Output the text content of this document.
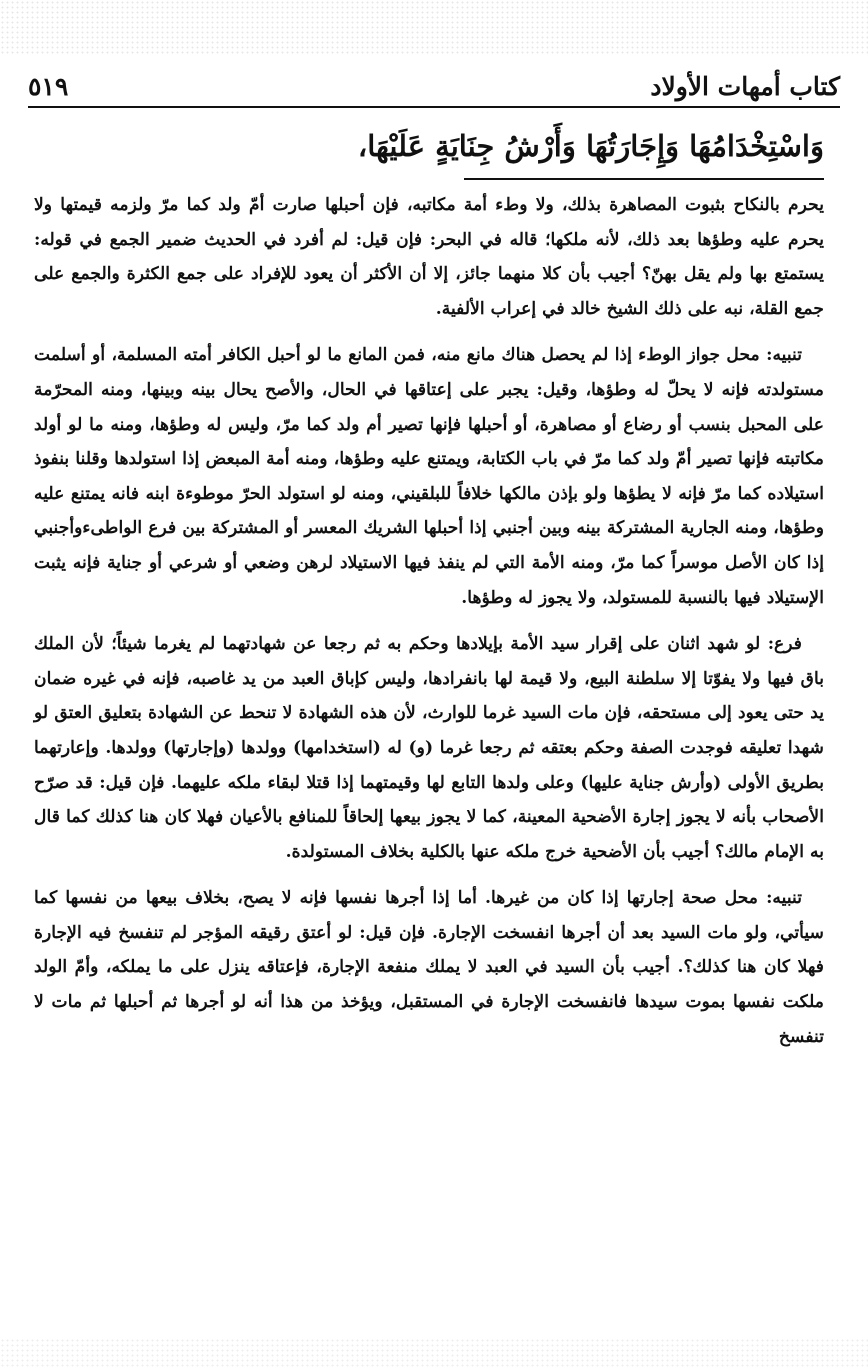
كتاب أمهات الأولاد
٥١٩
وَاسْتِخْدَامُهَا وَإِجَارَتُهَا وَأَرْشُ جِنَايَةٍ عَلَيْهَا،

يحرم بالنكاح بثبوت المصاهرة بذلك، ولا وطء أمة مكاتبه، فإن أحبلها صارت أمّ ولد كما مرّ ولزمه قيمتها ولا يحرم عليه وطؤها بعد ذلك، لأنه ملكها؛ قاله في البحر: فإن قيل: لم أفرد في الحديث ضمير الجمع في قوله: يستمتع بها ولم يقل بهنّ؟ أجيب بأن كلا منهما جائز، إلا أن الأكثر أن يعود للإفراد على جمع الكثرة والجمع على جمع القلة، نبه على ذلك الشيخ خالد في إعراب الألفية.

تنبيه: محل جواز الوطء إذا لم يحصل هناك مانع منه، فمن المانع ما لو أحبل الكافر أمته المسلمة، أو أسلمت مستولدته فإنه لا يحلّ له وطؤها، وقيل: يجبر على إعتاقها في الحال، والأصح يحال بينه وبينها، ومنه المحرّمة على المحبل بنسب أو رضاع أو مصاهرة، أو أحبلها فإنها تصير أم ولد كما مرّ، وليس له وطؤها، ومنه ما لو أولد مكاتبته فإنها تصير أمّ ولد كما مرّ في باب الكتابة، ويمتنع عليه وطؤها، ومنه أمة المبعض إذا استولدها وقلنا بنفوذ استيلاده كما مرّ فإنه لا يطؤها ولو بإذن مالكها خلافاً للبلقيني، ومنه لو استولد الحرّ موطوءة ابنه فانه يمتنع عليه وطؤها، ومنه الجارية المشتركة بينه وبين أجنبي إذا أحبلها الشريك المعسر أو المشتركة بين فرع الواطىءوأجنبي إذا كان الأصل موسراً كما مرّ، ومنه الأمة التي لم ينفذ فيها الاستيلاد لرهن وضعي أو شرعي أو جناية فإنه يثبت الإستيلاد فيها بالنسبة للمستولد، ولا يجوز له وطؤها.

فرع: لو شهد اثنان على إقرار سيد الأمة بإيلادها وحكم به ثم رجعا عن شهادتهما لم يغرما شيئاً؛ لأن الملك باق فيها ولا يفوّتا إلا سلطنة البيع، ولا قيمة لها بانفرادها، وليس كإباق العبد من يد غاصبه، فإنه في غيره ضمان يد حتى يعود إلى مستحقه، فإن مات السيد غرما للوارث، لأن هذه الشهادة لا تنحط عن الشهادة بتعليق العتق لو شهدا تعليقه فوجدت الصفة وحكم بعتقه ثم رجعا غرما (و) له (استخدامها) وولدها (وإجارتها) وولدها. وإعارتهما بطريق الأولى (وأرش جناية عليها) وعلى ولدها التابع لها وقيمتهما إذا قتلا لبقاء ملكه عليهما. فإن قيل: قد صرّح الأصحاب بأنه لا يجوز إجارة الأضحية المعينة، كما لا يجوز بيعها إلحاقاً للمنافع بالأعيان فهلا كان هنا كذلك كما قال به الإمام مالك؟ أجيب بأن الأضحية خرج ملكه عنها بالكلية بخلاف المستولدة.

تنبيه: محل صحة إجارتها إذا كان من غيرها. أما إذا أجرها نفسها فإنه لا يصح، بخلاف بيعها من نفسها كما سيأتي، ولو مات السيد بعد أن أجرها انفسخت الإجارة. فإن قيل: لو أعتق رقيقه المؤجر لم تنفسخ فيه الإجارة فهلا كان هنا كذلك؟. أجيب بأن السيد في العبد لا يملك منفعة الإجارة، فإعتاقه ينزل على ما يملكه، وأمّ الولد ملكت نفسها بموت سيدها فانفسخت الإجارة في المستقبل، ويؤخذ من هذا أنه لو أجرها ثم أحبلها ثم مات لا تنفسخ
